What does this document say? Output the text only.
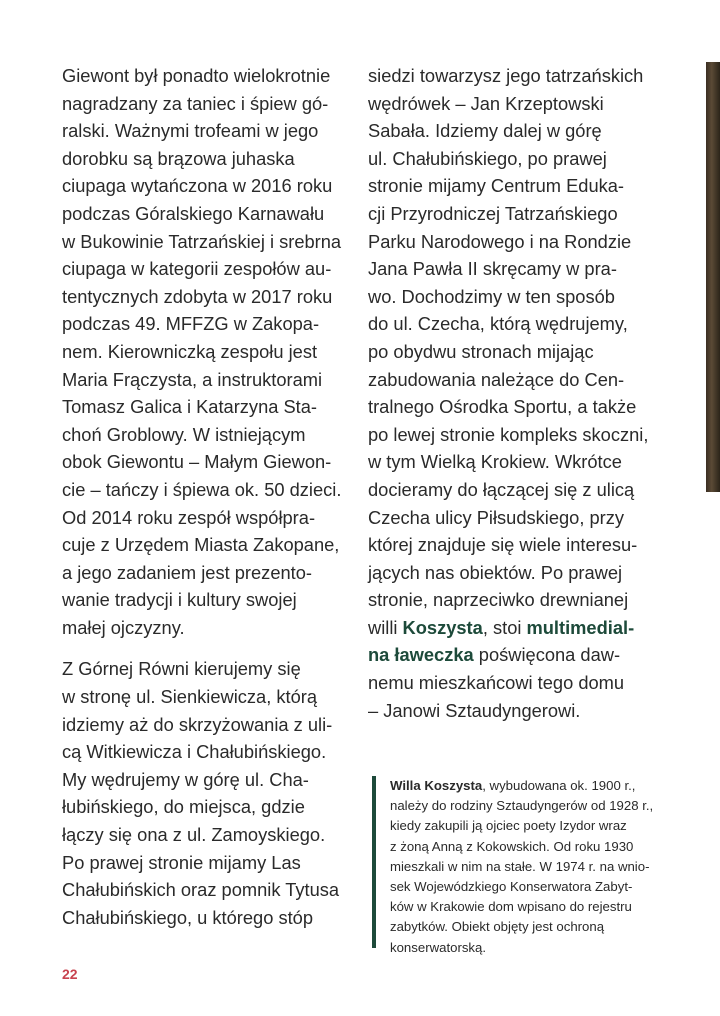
Giewont był ponadto wielokrotnie
nagradzany za taniec i śpiew gó-
ralski. Ważnymi trofeami w jego
dorobku są brązowa juhaska
ciupaga wytańczona w 2016 roku
podczas Góralskiego Karnawału
w Bukowinie Tatrzańskiej i srebrna
ciupaga w kategorii zespołów au-
tentycznych zdobyta w 2017 roku
podczas 49. MFFZG w Zakopa-
nem. Kierowniczką zespołu jest
Maria Frączysta, a instruktorami
Tomasz Galica i Katarzyna Sta-
choń Groblowy. W istniejącym
obok Giewontu – Małym Giewon-
cie – tańczy i śpiewa ok. 50 dzieci.
Od 2014 roku zespół współpra-
cuje z Urzędem Miasta Zakopane,
a jego zadaniem jest prezento-
wanie tradycji i kultury swojej
małej ojczyzny.
Z Górnej Równi kierujemy się
w stronę ul. Sienkiewicza, którą
idziemy aż do skrzyżowania z uli-
cą Witkiewicza i Chałubińskiego.
My wędrujemy w górę ul. Cha-
łubińskiego, do miejsca, gdzie
łączy się ona z ul. Zamoyskiego.
Po prawej stronie mijamy Las
Chałubińskich oraz pomnik Tytusa
Chałubińskiego, u którego stóp
siedzi towarzysz jego tatrzańskich
wędrówek – Jan Krzeptowski
Sabała. Idziemy dalej w górę
ul. Chałubińskiego, po prawej
stronie mijamy Centrum Eduka-
cji Przyrodniczej Tatrzańskiego
Parku Narodowego i na Rondzie
Jana Pawła II skręcamy w pra-
wo. Dochodzimy w ten sposób
do ul. Czecha, którą wędrujemy,
po obydwu stronach mijając
zabudowania należące do Cen-
tralnego Ośrodka Sportu, a także
po lewej stronie kompleks skoczni,
w tym Wielką Krokiew. Wkrótce
docieramy do łączącej się z ulicą
Czecha ulicy Piłsudskiego, przy
której znajduje się wiele interesu-
jących nas obiektów. Po prawej
stronie, naprzeciwko drewnianej
willi Koszysta, stoi multimedial-
na ławeczka poświęcona daw-
nemu mieszkańcowi tego domu
– Janowi Sztaudyngerowi.
Willa Koszysta, wybudowana ok. 1900 r.,
należy do rodziny Sztaudyngerów od 1928 r.,
kiedy zakupili ją ojciec poety Izydor wraz
z żoną Anną z Kokowskich. Od roku 1930
mieszkali w nim na stałe. W 1974 r. na wnio-
sek Wojewódzkiego Konserwatora Zabyt-
ków w Krakowie dom wpisano do rejestru
zabytków. Obiekt objęty jest ochroną
konserwatorską.
22
